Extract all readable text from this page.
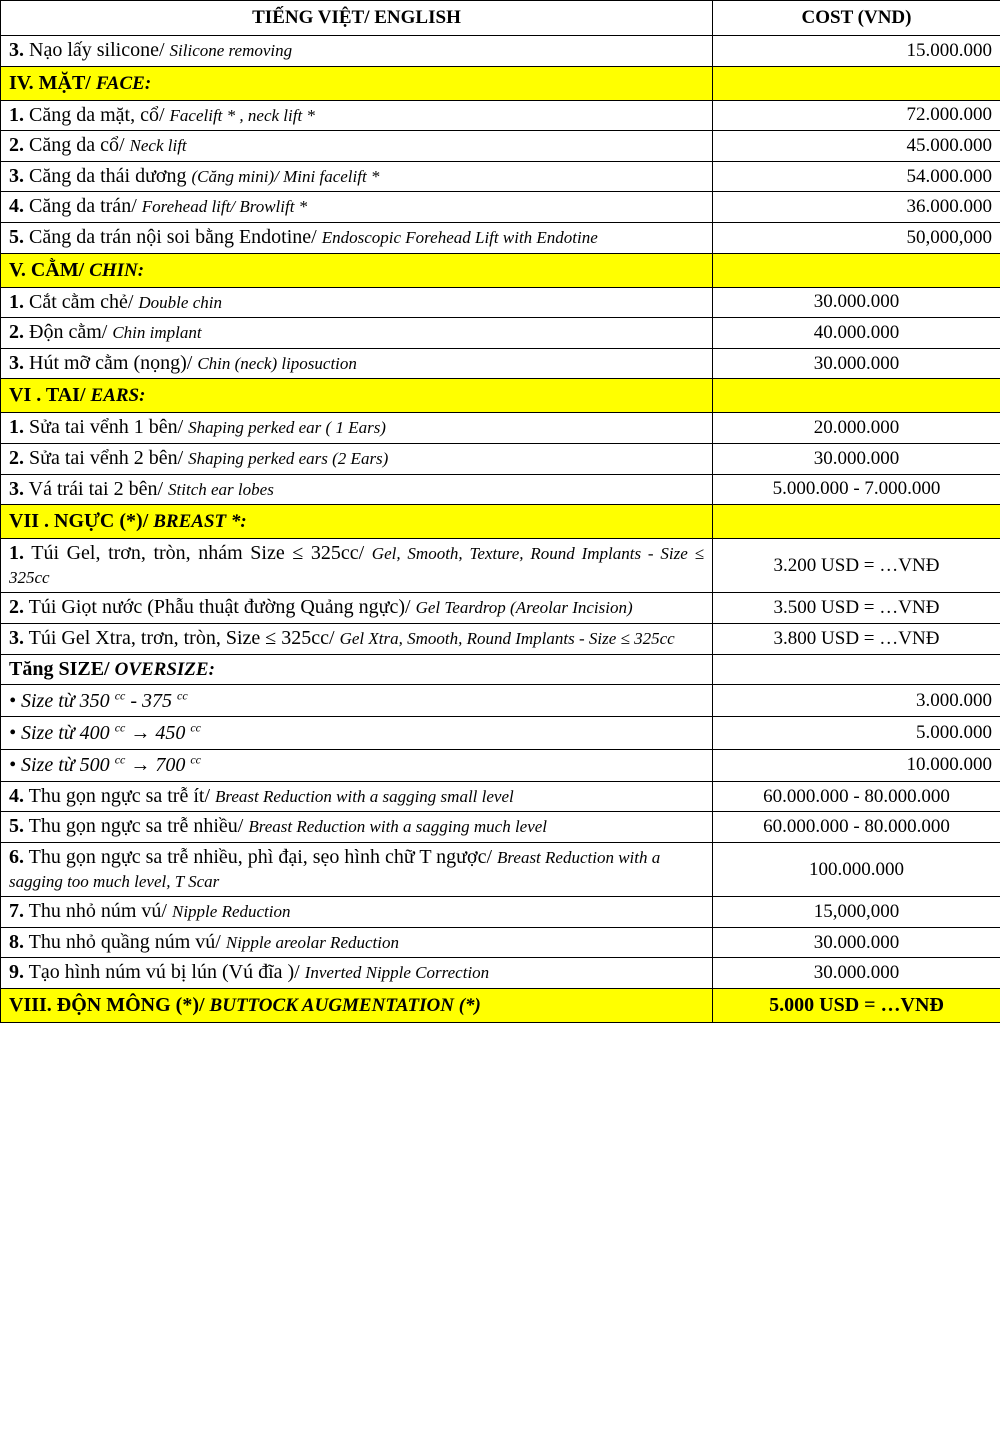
TIẾNG VIỆT/ ENGLISH	COST (VND)
3. Nạo lấy silicone/ Silicone removing	15.000.000
IV. MẶT/ FACE:	
1. Căng da mặt, cổ/ Facelift * , neck lift *	72.000.000
2. Căng da cổ/ Neck lift	45.000.000
3. Căng da thái dương (Căng mini)/ Mini facelift *	54.000.000
4. Căng da trán/ Forehead lift/ Browlift *	36.000.000
5. Căng da trán nội soi bằng Endotine/ Endoscopic Forehead Lift with Endotine	50,000,000
V. CẰM/ CHIN:	
1. Cắt cằm chẻ/ Double chin	30.000.000
2. Độn cằm/ Chin implant	40.000.000
3. Hút mỡ cằm (nọng)/ Chin (neck) liposuction	30.000.000
VI . TAI/ EARS:	
1. Sửa tai vểnh 1 bên/ Shaping perked ear ( 1 Ears)	20.000.000
2. Sửa tai vểnh 2 bên/ Shaping perked ears (2 Ears)	30.000.000
3. Vá trái tai 2 bên/ Stitch ear lobes	5.000.000 - 7.000.000
VII . NGỰC (*)/ BREAST *:	
1. Túi Gel, trơn, tròn, nhám Size ≤ 325cc/ Gel, Smooth, Texture, Round Implants - Size ≤ 325cc	3.200 USD = …VNĐ
2. Túi Giọt nước (Phẫu thuật đường Quảng ngực)/ Gel Teardrop (Areolar Incision)	3.500 USD = …VNĐ
3. Túi Gel Xtra, trơn, tròn, Size ≤ 325cc/ Gel Xtra, Smooth, Round Implants - Size ≤ 325cc	3.800 USD = …VNĐ
Tăng SIZE/ OVERSIZE:	
• Size từ 350 $^{cc}$ - 375 $^{cc}$	3.000.000
• Size từ 400 $^{cc}$ → 450 $^{cc}$	5.000.000
• Size từ 500 $^{cc}$ → 700 $^{cc}$	10.000.000
4. Thu gọn ngực sa trễ ít/ Breast Reduction with a sagging small level	60.000.000 - 80.000.000
5. Thu gọn ngực sa trễ nhiều/ Breast Reduction with a sagging much level	60.000.000 - 80.000.000
6. Thu gọn ngực sa trễ nhiều, phì đại, sẹo hình chữ T ngược/ Breast Reduction with a sagging too much level, T Scar	100.000.000
7. Thu nhỏ núm vú/ Nipple Reduction	15,000,000
8. Thu nhỏ quầng núm vú/ Nipple areolar Reduction	30.000.000
9. Tạo hình núm vú bị lún (Vú đĩa )/ Inverted Nipple Correction	30.000.000
VIII. ĐỘN MÔNG (*)/ BUTTOCK AUGMENTATION (*)	5.000 USD = …VNĐ
